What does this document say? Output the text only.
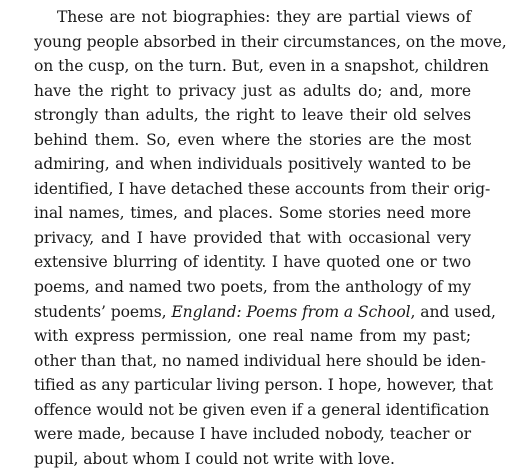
These are not biographies: they are partial views of
young people absorbed in their circumstances, on the move,
on the cusp, on the turn. But, even in a snapshot, children
have the right to privacy just as adults do; and, more
strongly than adults, the right to leave their old selves
behind them. So, even where the stories are the most
admiring, and when individuals positively wanted to be
identified, I have detached these accounts from their orig-
inal names, times, and places. Some stories need more
privacy, and I have provided that with occasional very
extensive blurring of identity. I have quoted one or two
poems, and named two poets, from the anthology of my
students’ poems, England: Poems from a School, and used,
with express permission, one real name from my past;
other than that, no named individual here should be iden-
tified as any particular living person. I hope, however, that
offence would not be given even if a general identification
were made, because I have included nobody, teacher or
pupil, about whom I could not write with love.
